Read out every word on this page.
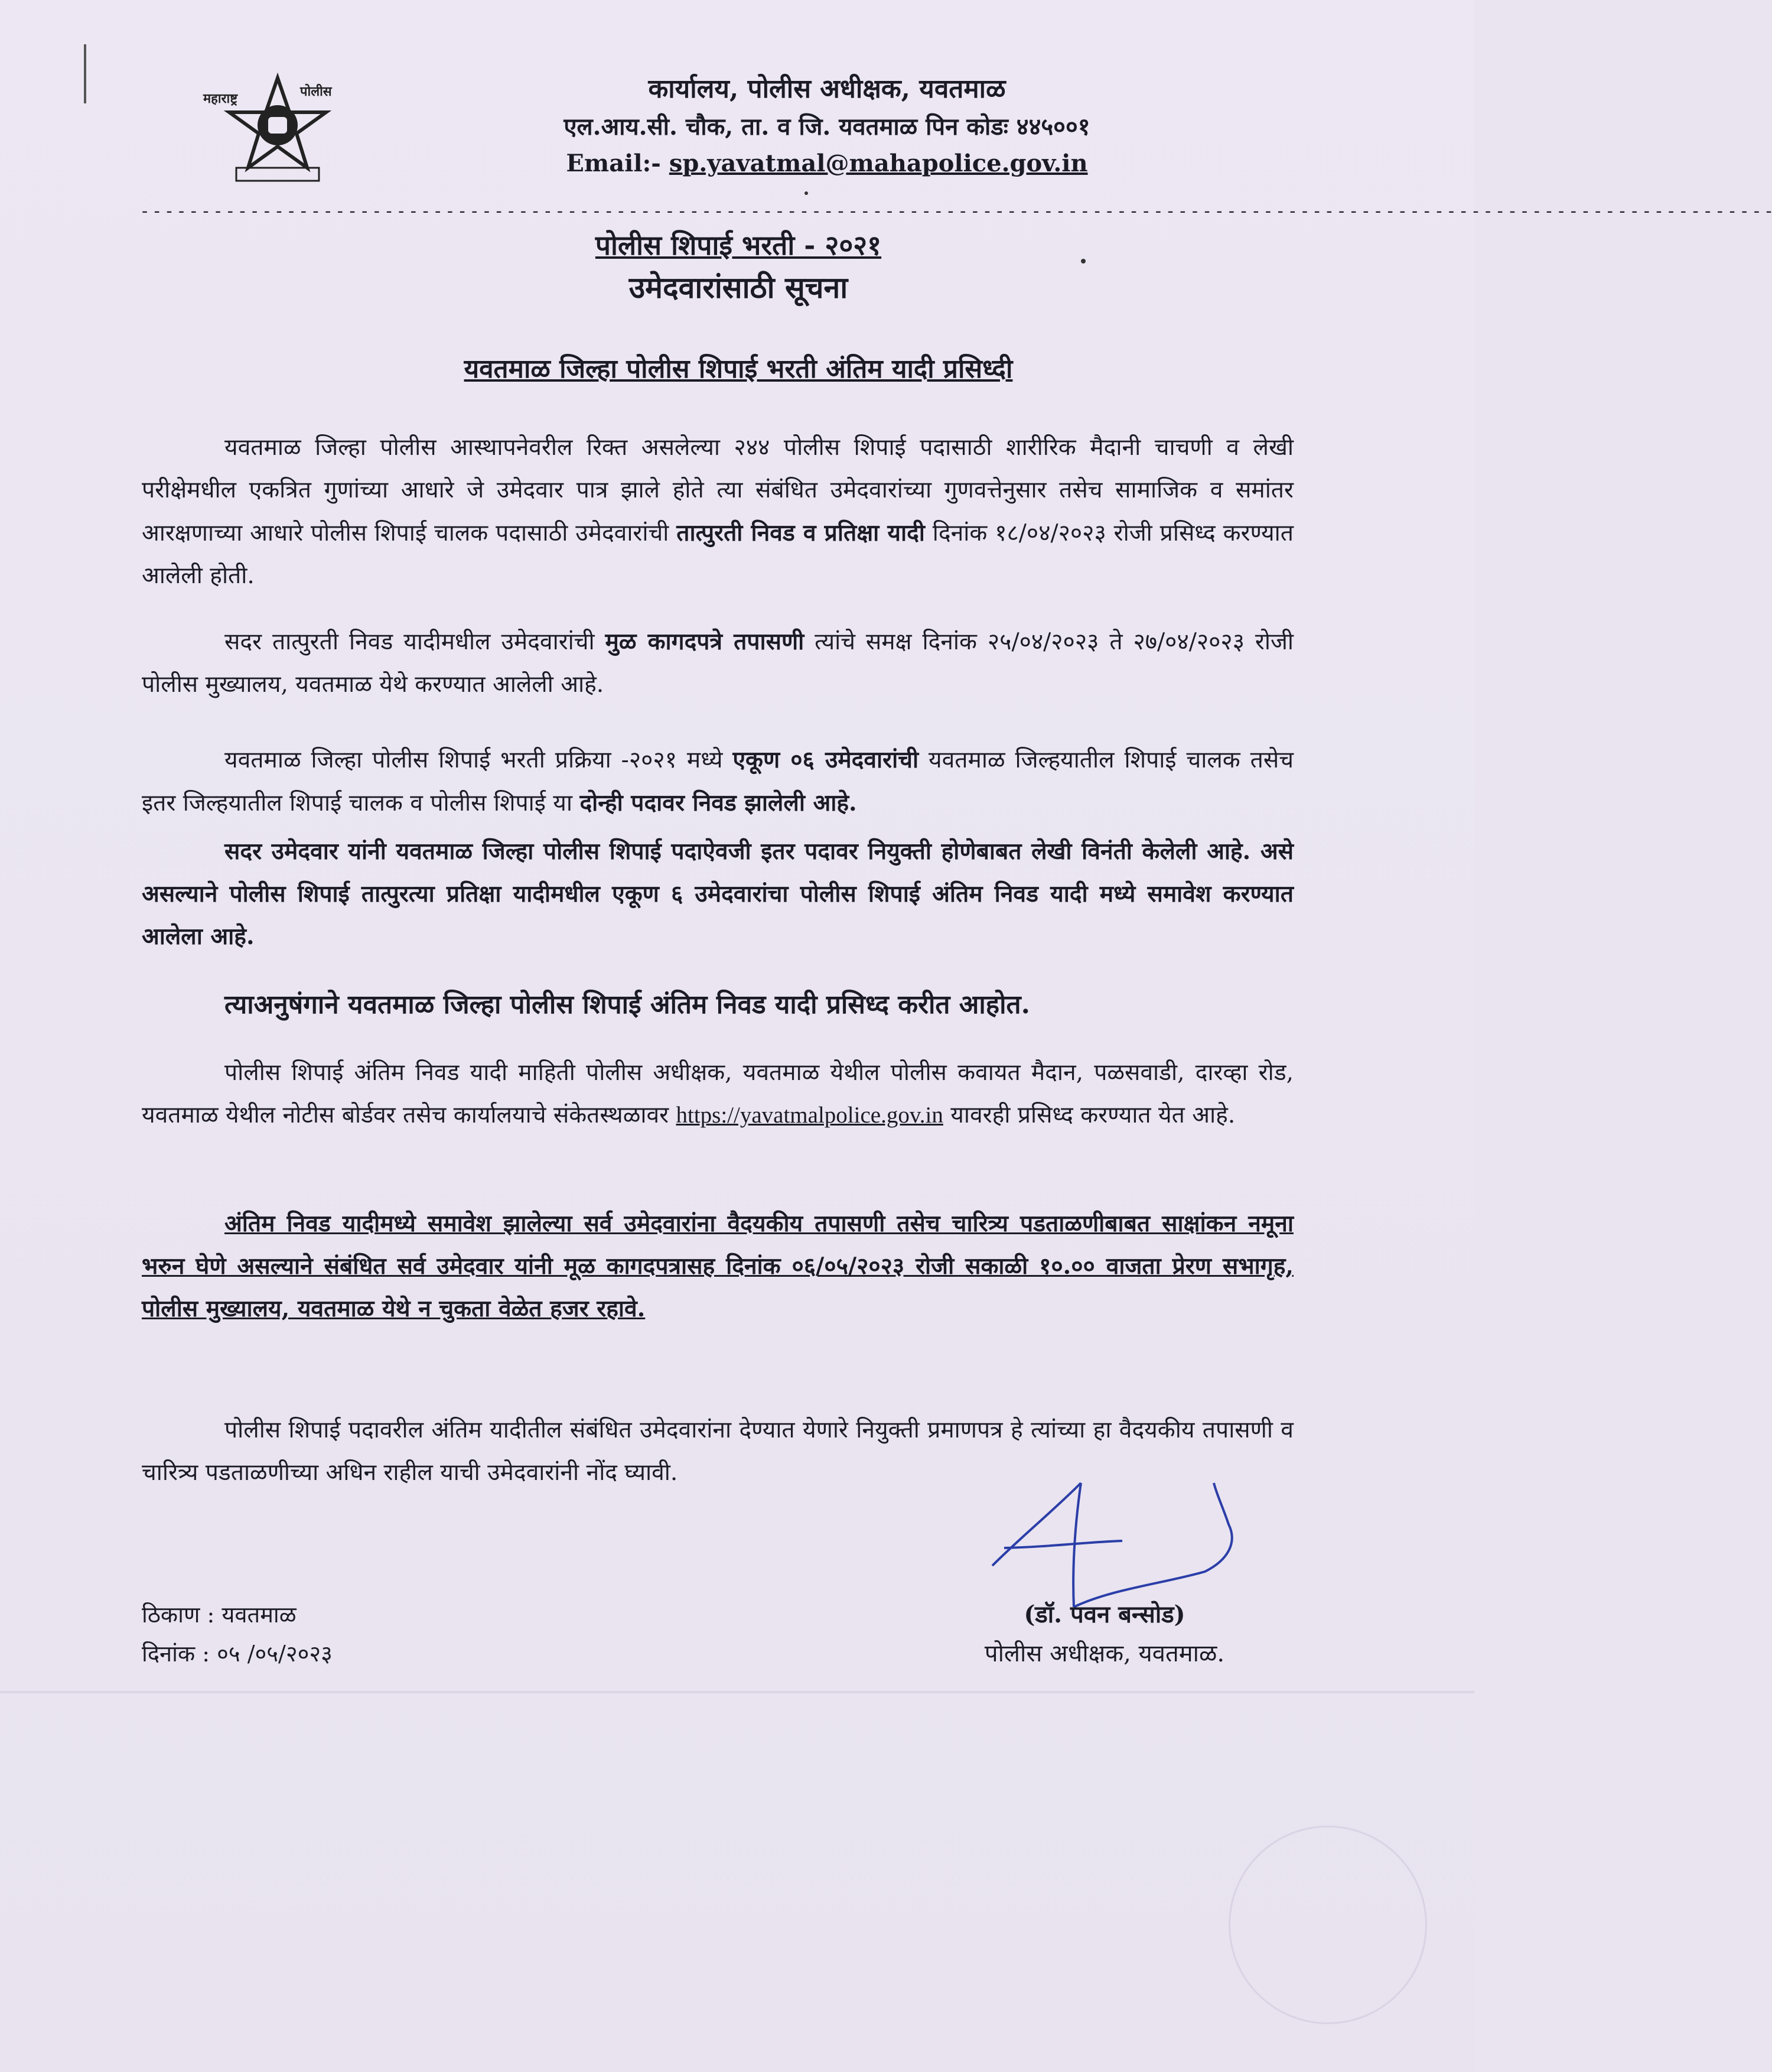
महाराष्ट्र	पोलीस	कार्यालय, पोलीस अधीक्षक, यवतमाळ
एल.आय.सी. चौक, ता. व जि. यवतमाळ पिन कोडः ४४५००१
Email:- sp.yavatmal@mahapolice.gov.in
- - - - - - - - - - - - - - - - - - - - - - - - - - - - - - - - - - - - - - - - - - - - - - - - - - - - - - - - - - - - - - - - - - - - - - - - - - - - - - - - - - - - - - - - - - - - - - - - - - - - - - - - - - - - - - - - - - - - - - - - - - - - - - - - - - - - - -
पोलीस शिपाई भरती - २०२१
उमेदवारांसाठी सूचना
यवतमाळ जिल्हा पोलीस शिपाई भरती अंतिम यादी प्रसिध्दी
यवतमाळ जिल्हा पोलीस आस्थापनेवरील रिक्त असलेल्या २४४ पोलीस शिपाई पदासाठी शारीरिक मैदानी चाचणी व लेखी परीक्षेमधील एकत्रित गुणांच्या आधारे जे उमेदवार पात्र झाले होते त्या संबंधित उमेदवारांच्या गुणवत्तेनुसार तसेच सामाजिक व समांतर आरक्षणाच्या आधारे पोलीस शिपाई चालक पदासाठी उमेदवारांची तात्पुरती निवड व प्रतिक्षा यादी दिनांक १८/०४/२०२३ रोजी प्रसिध्द करण्यात आलेली होती.
सदर तात्पुरती निवड यादीमधील उमेदवारांची मुळ कागदपत्रे तपासणी त्यांचे समक्ष दिनांक २५/०४/२०२३ ते २७/०४/२०२३ रोजी पोलीस मुख्यालय, यवतमाळ येथे करण्यात आलेली आहे.
यवतमाळ जिल्हा पोलीस शिपाई भरती प्रक्रिया -२०२१ मध्ये एकूण ०६ उमेदवारांची यवतमाळ जिल्हयातील शिपाई चालक तसेच इतर जिल्हयातील शिपाई चालक व पोलीस शिपाई या दोन्ही पदावर निवड झालेली आहे.
सदर उमेदवार यांनी यवतमाळ जिल्हा पोलीस शिपाई पदाऐवजी इतर पदावर नियुक्ती होणेबाबत लेखी विनंती केलेली आहे. असे असल्याने पोलीस शिपाई तात्पुरत्या प्रतिक्षा यादीमधील एकूण ६ उमेदवारांचा पोलीस शिपाई अंतिम निवड यादी मध्ये समावेश करण्यात आलेला आहे.
त्याअनुषंगाने यवतमाळ जिल्हा पोलीस शिपाई अंतिम निवड यादी प्रसिध्द करीत आहोत.
पोलीस शिपाई अंतिम निवड यादी माहिती पोलीस अधीक्षक, यवतमाळ येथील पोलीस कवायत मैदान, पळसवाडी, दारव्हा रोड, यवतमाळ येथील नोटीस बोर्डवर तसेच कार्यालयाचे संकेतस्थळावर https://yavatmalpolice.gov.in यावरही प्रसिध्द करण्यात येत आहे.
अंतिम निवड यादीमध्ये समावेश झालेल्या सर्व उमेदवारांना वैदयकीय तपासणी तसेच चारित्र्य पडताळणीबाबत साक्षांकन नमूना भरुन घेणे असल्याने संबंधित सर्व उमेदवार यांनी मूळ कागदपत्रासह दिनांक ०६/०५/२०२३ रोजी सकाळी १०.०० वाजता प्रेरण सभागृह, पोलीस मुख्यालय, यवतमाळ येथे न चुकता वेळेत हजर रहावे.
पोलीस शिपाई पदावरील अंतिम यादीतील संबंधित उमेदवारांना देण्यात येणारे नियुक्ती प्रमाणपत्र हे त्यांच्या हा वैदयकीय तपासणी व चारित्र्य पडताळणीच्या अधिन राहील याची उमेदवारांनी नोंद घ्यावी.
ठिकाण : यवतमाळ
दिनांक : ०५ /०५/२०२३
(डॉ. पवन बन्सोड)
पोलीस अधीक्षक, यवतमाळ.
